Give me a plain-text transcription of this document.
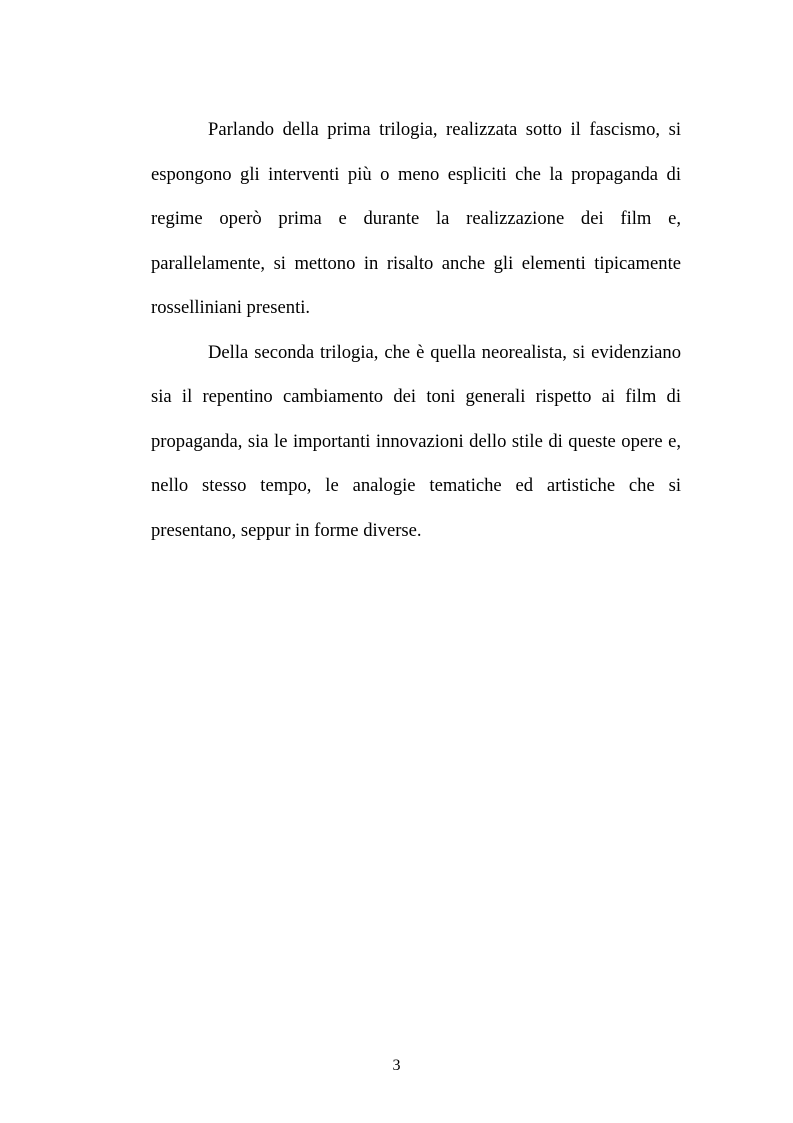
Parlando della prima trilogia, realizzata sotto il fascismo, si espongono gli interventi più o meno espliciti che la propaganda di regime operò prima e durante la realizzazione dei film e, parallelamente, si mettono in risalto anche gli elementi tipicamente rosselliniani presenti.

Della seconda trilogia, che è quella neorealista, si evidenziano sia il repentino cambiamento dei toni generali rispetto ai film di propaganda, sia le importanti innovazioni dello stile di queste opere e, nello stesso tempo, le analogie tematiche ed artistiche che si presentano, seppur in forme diverse.

3
